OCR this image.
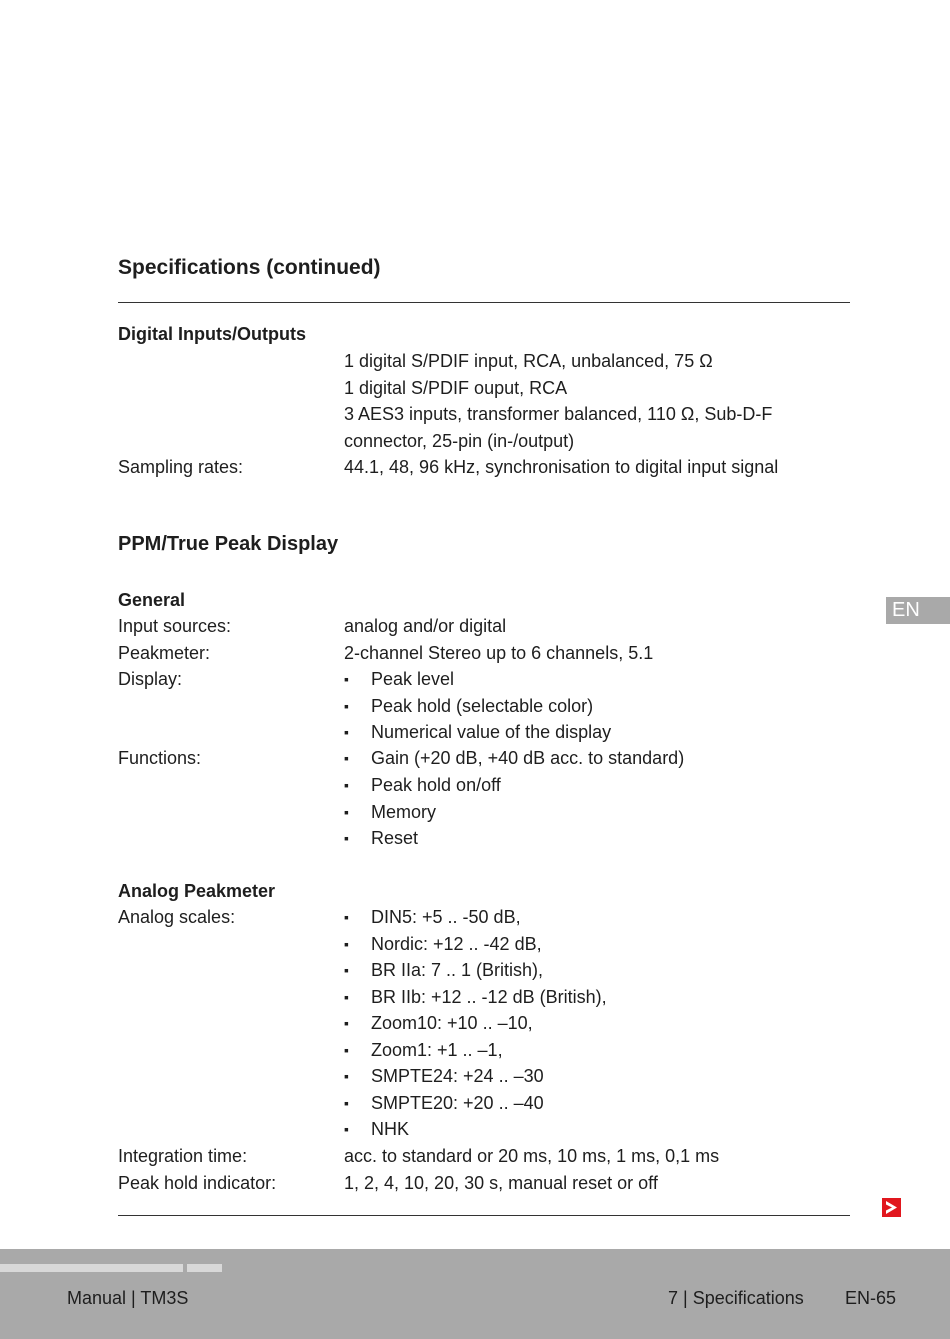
Specifications (continued)
Digital Inputs/Outputs
1 digital S/PDIF input, RCA, unbalanced, 75 Ω
1 digital S/PDIF ouput, RCA
3 AES3 inputs, transformer balanced, 110 Ω, Sub-D-F
connector, 25-pin (in-/output)
Sampling rates:	44.1, 48, 96 kHz, synchronisation to digital input signal
PPM/True Peak Display
General
Input sources:	analog and/or digital
Peakmeter:	2-channel Stereo up to 6 channels, 5.1
Display:	▪ Peak level
▪ Peak hold (selectable color)
▪ Numerical value of the display
Functions:	▪ Gain (+20 dB, +40 dB acc. to standard)
▪ Peak hold on/off
▪ Memory
▪ Reset
Analog Peakmeter
Analog scales:	▪ DIN5: +5 .. -50 dB,
▪ Nordic: +12 .. -42 dB,
▪ BR IIa: 7 .. 1 (British),
▪ BR IIb: +12 .. -12 dB (British),
▪ Zoom10: +10 .. –10,
▪ Zoom1: +1 .. –1,
▪ SMPTE24: +24 .. –30
▪ SMPTE20: +20 .. –40
▪ NHK
Integration time:	acc. to standard or 20 ms, 10 ms, 1 ms, 0,1 ms
Peak hold indicator:	1, 2, 4, 10, 20, 30 s, manual reset or off
EN
Manual | TM3S	7 | Specifications EN-65
